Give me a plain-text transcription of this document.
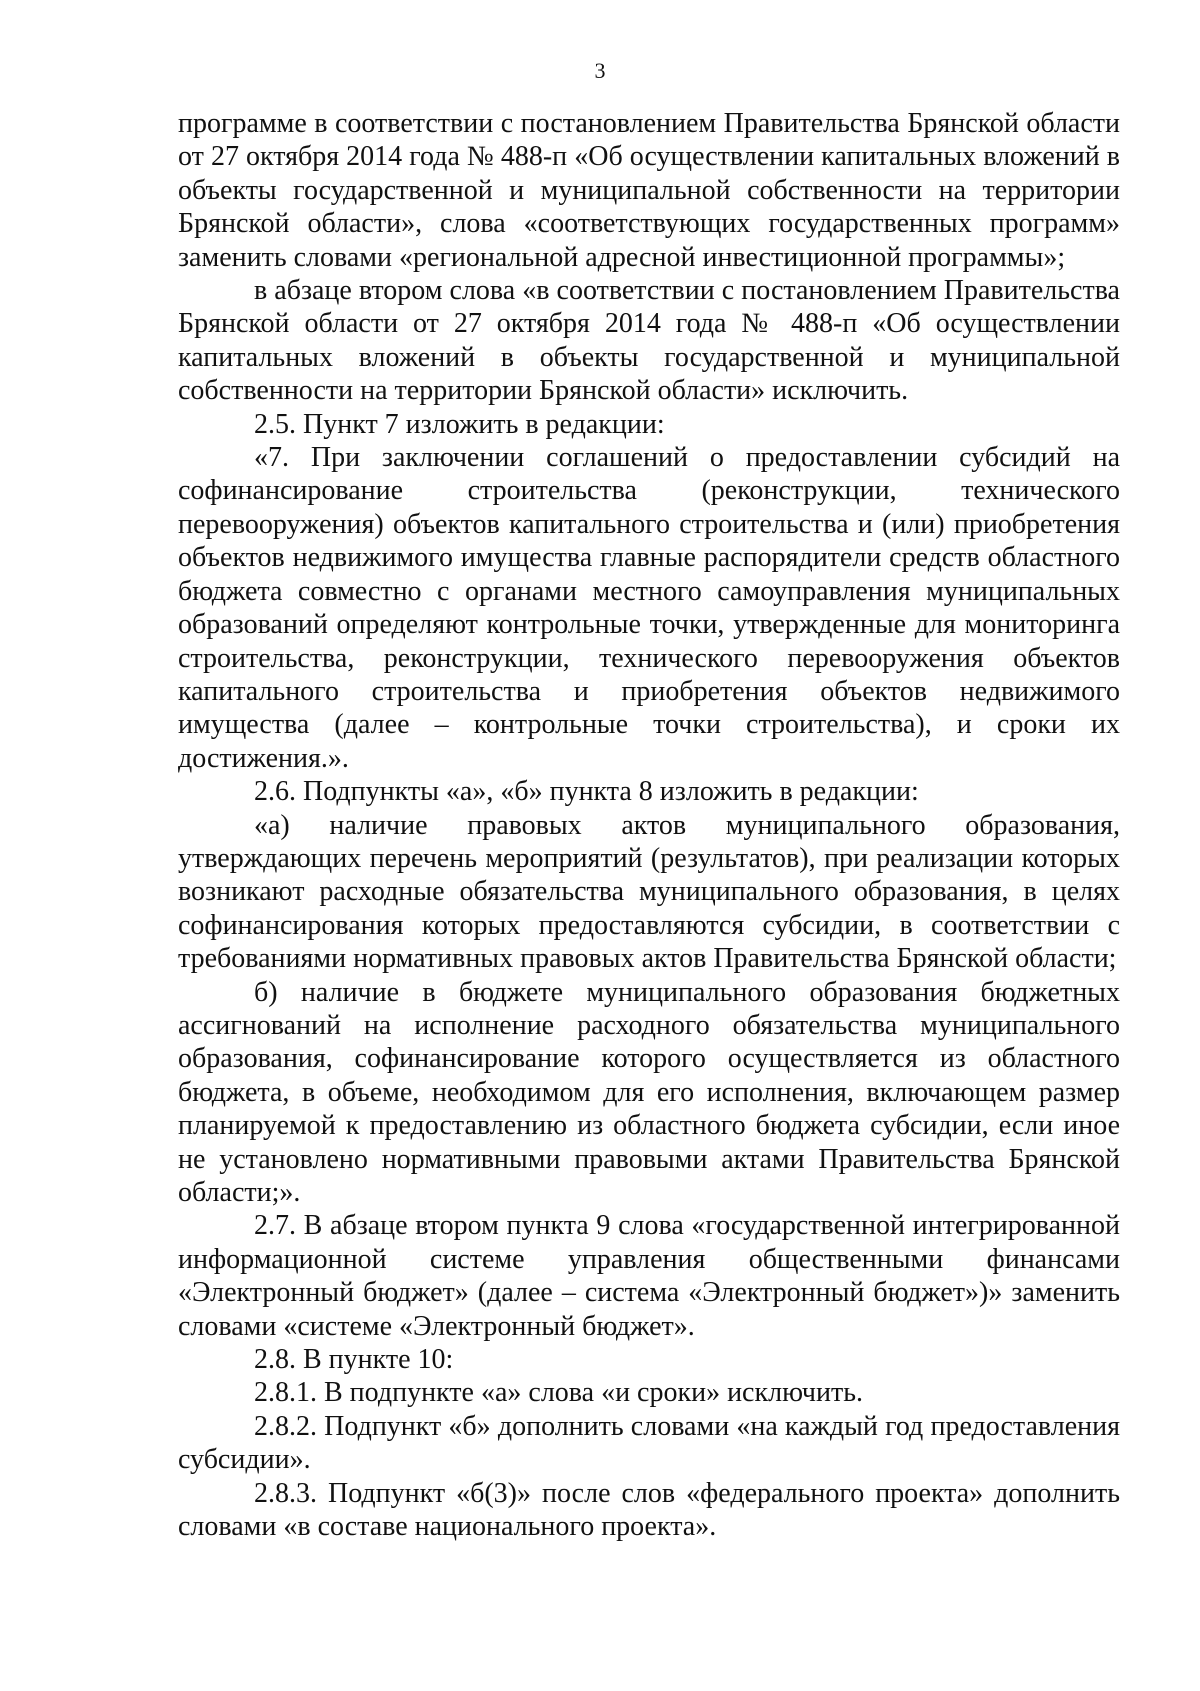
3

программе в соответствии с постановлением Правительства Брянской области от 27 октября 2014 года № 488-п «Об осуществлении капитальных вложений в объекты государственной и муниципальной собственности на территории Брянской области», слова «соответствующих государственных программ» заменить словами «региональной адресной инвестиционной программы»;

в абзаце втором слова «в соответствии с постановлением Правительства Брянской области от 27 октября 2014 года № 488-п «Об осуществлении капитальных вложений в объекты государственной и муниципальной собственности на территории Брянской области» исключить.

2.5. Пункт 7 изложить в редакции:

«7. При заключении соглашений о предоставлении субсидий на софинансирование строительства (реконструкции, технического перевооружения) объектов капитального строительства и (или) приобретения объектов недвижимого имущества главные распорядители средств областного бюджета совместно с органами местного самоуправления муниципальных образований определяют контрольные точки, утвержденные для мониторинга строительства, реконструкции, технического перевооружения объектов капитального строительства и приобретения объектов недвижимого имущества (далее – контрольные точки строительства), и сроки их достижения.».

2.6. Подпункты «а», «б» пункта 8 изложить в редакции:

«а) наличие правовых актов муниципального образования, утверждающих перечень мероприятий (результатов), при реализации которых возникают расходные обязательства муниципального образования, в целях софинансирования которых предоставляются субсидии, в соответствии с требованиями нормативных правовых актов Правительства Брянской области;

б) наличие в бюджете муниципального образования бюджетных ассигнований на исполнение расходного обязательства муниципального образования, софинансирование которого осуществляется из областного бюджета, в объеме, необходимом для его исполнения, включающем размер планируемой к предоставлению из областного бюджета субсидии, если иное не установлено нормативными правовыми актами Правительства Брянской области;».

2.7. В абзаце втором пункта 9 слова «государственной интегрированной информационной системе управления общественными финансами «Электронный бюджет» (далее – система «Электронный бюджет»)» заменить словами «системе «Электронный бюджет».

2.8. В пункте 10:

2.8.1. В подпункте «а» слова «и сроки» исключить.

2.8.2. Подпункт «б» дополнить словами «на каждый год предоставления субсидии».

2.8.3. Подпункт «б(3)» после слов «федерального проекта» дополнить словами «в составе национального проекта».
